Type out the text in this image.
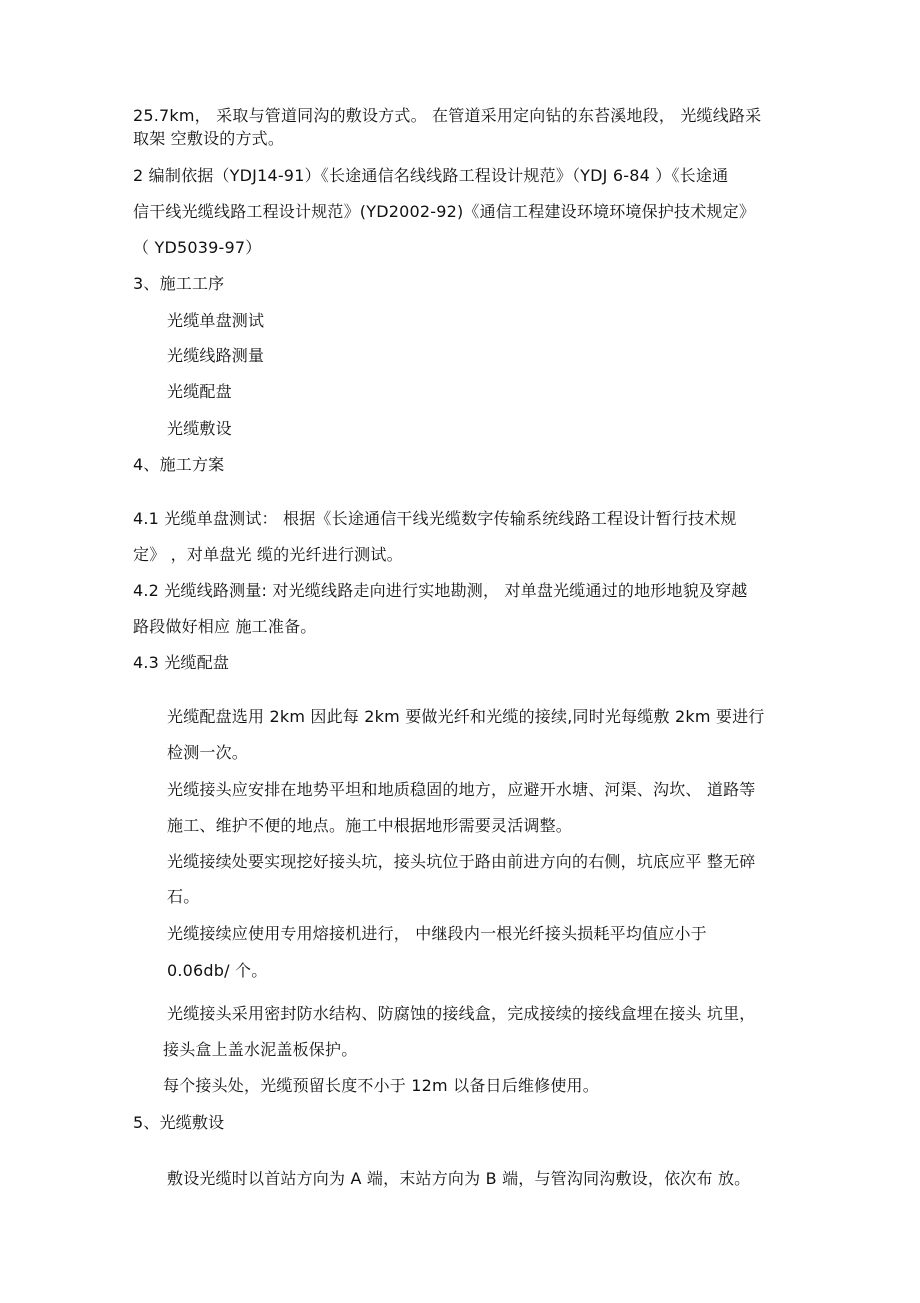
25.7km， 采取与管道同沟的敷设方式。 在管道采用定向钻的东苔溪地段， 光缆线路采
取架 空敷设的方式。
2 编制依据（YDJ14-91）《长途通信名线线路工程设计规范》（YDJ 6-84 ）《长途通
信干线光缆线路工程设计规范》(YD2002-92)《通信工程建设环境环境保护技术规定》
（ YD5039-97）
3、施工工序
光缆单盘测试
光缆线路测量
光缆配盘
光缆敷设
4、施工方案
4.1 光缆单盘测试： 根据《长途通信干线光缆数字传输系统线路工程设计暂行技术规
定》 ，对单盘光 缆的光纤进行测试。
4.2 光缆线路测量: 对光缆线路走向进行实地勘测， 对单盘光缆通过的地形地貌及穿越
路段做好相应 施工准备。
4.3 光缆配盘
光缆配盘选用 2km 因此每 2km 要做光纤和光缆的接续,同时光每缆敷 2km 要进行
检测一次。
光缆接头应安排在地势平坦和地质稳固的地方，应避开水塘、河渠、沟坎、 道路等
施工、维护不便的地点。施工中根据地形需要灵活调整。
光缆接续处要实现挖好接头坑，接头坑位于路由前进方向的右侧，坑底应平 整无碎
石。
光缆接续应使用专用熔接机进行， 中继段内一根光纤接头损耗平均值应小于
0.06db/ 个。
光缆接头采用密封防水结构、防腐蚀的接线盒，完成接续的接线盒埋在接头 坑里，
接头盒上盖水泥盖板保护。
每个接头处，光缆预留长度不小于 12m 以备日后维修使用。
5、光缆敷设
敷设光缆时以首站方向为 A 端，末站方向为 B 端，与管沟同沟敷设，依次布 放。
